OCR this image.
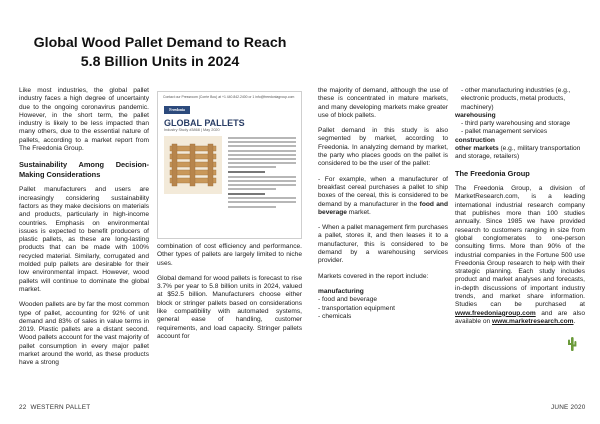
Global Wood Pallet Demand to Reach
5.8 Billion Units in 2024

Like most industries, the global pallet industry faces a high degree of uncertainty due to the ongoing coronavirus pandemic. However, in the short term, the pallet industry is likely to be less impacted than many others, due to the essential nature of pallets, according to a market report from The Freedonia Group.

Sustainability Among Decision-Making Considerations

Pallet manufacturers and users are increasingly considering sustainability factors as they make decisions on materials and products, particularly in high-income countries. Emphasis on environmental issues is expected to benefit producers of plastic pallets, as these are long-lasting products that can be made with 100% recycled material. Similarly, corrugated and molded pulp pallets are desirable for their low environmental impact. However, wood pallets will continue to dominate the global market.

Wooden pallets are by far the most common type of pallet, accounting for 92% of unit demand and 83% of sales in value terms in 2019. Plastic pallets are a distant second. Wood pallets account for the vast majority of pallet consumption in every major pallet market around the world, as these products have a strong

Contact our Pressroom (Corrie Bou) at +1 440.842.2400 or 1 info@freedoniagroup.com
Freedonia
GLOBAL PALLETS
Industry Study #3868 | May 2020

combination of cost efficiency and performance. Other types of pallets are largely limited to niche uses.

Global demand for wood pallets is forecast to rise 3.7% per year to 5.8 billion units in 2024, valued at $52.5 billion. Manufacturers choose either block or stringer pallets based on considerations like compatibility with automated systems, general ease of handling, customer requirements, and load capacity. Stringer pallets account for

the majority of demand, although the use of these is concentrated in mature markets, and many developing markets make greater use of block pallets.

Pallet demand in this study is also segmented by market, according to Freedonia. In analyzing demand by market, the party who places goods on the pallet is considered to be the user of the pallet:

- For example, when a manufacturer of breakfast cereal purchases a pallet to ship boxes of the cereal, this is considered to be demand by a manufacturer in the food and beverage market.

- When a pallet management firm purchases a pallet, stores it, and then leases it to a manufacturer, this is considered to be demand by a warehousing services provider.

Markets covered in the report include:

manufacturing
- food and beverage
- transportation equipment
- chemicals
- other manufacturing industries (e.g., electronic products, metal products, machinery)
warehousing
- third party warehousing and storage
- pallet management services
construction

other markets (e.g., military transportation and storage, retailers)

The Freedonia Group

The Freedonia Group, a division of MarketResearch.com, is a leading international industrial research company that publishes more than 100 studies annually. Since 1985 we have provided research to customers ranging in size from global conglomerates to one-person consulting firms. More than 90% of the industrial companies in the Fortune 500 use Freedonia Group research to help with their strategic planning. Each study includes product and market analyses and forecasts, in-depth discussions of important industry trends, and market share information. Studies can be purchased at www.freedoniagroup.com and are also available on www.marketresearch.com.

22 WESTERN PALLET	JUNE 2020
